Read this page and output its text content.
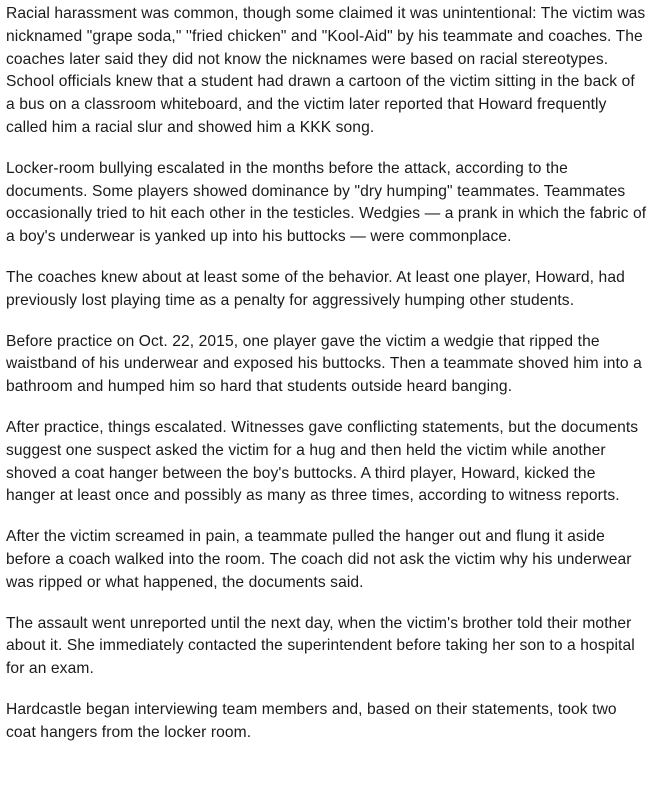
Racial harassment was common, though some claimed it was unintentional: The victim was nicknamed "grape soda," ''fried chicken" and "Kool-Aid" by his teammate and coaches. The coaches later said they did not know the nicknames were based on racial stereotypes. School officials knew that a student had drawn a cartoon of the victim sitting in the back of a bus on a classroom whiteboard, and the victim later reported that Howard frequently called him a racial slur and showed him a KKK song.

Locker-room bullying escalated in the months before the attack, according to the documents. Some players showed dominance by "dry humping" teammates. Teammates occasionally tried to hit each other in the testicles. Wedgies — a prank in which the fabric of a boy's underwear is yanked up into his buttocks — were commonplace.

The coaches knew about at least some of the behavior. At least one player, Howard, had previously lost playing time as a penalty for aggressively humping other students.

Before practice on Oct. 22, 2015, one player gave the victim a wedgie that ripped the waistband of his underwear and exposed his buttocks. Then a teammate shoved him into a bathroom and humped him so hard that students outside heard banging.

After practice, things escalated. Witnesses gave conflicting statements, but the documents suggest one suspect asked the victim for a hug and then held the victim while another shoved a coat hanger between the boy's buttocks. A third player, Howard, kicked the hanger at least once and possibly as many as three times, according to witness reports.

After the victim screamed in pain, a teammate pulled the hanger out and flung it aside before a coach walked into the room. The coach did not ask the victim why his underwear was ripped or what happened, the documents said.

The assault went unreported until the next day, when the victim's brother told their mother about it. She immediately contacted the superintendent before taking her son to a hospital for an exam.

Hardcastle began interviewing team members and, based on their statements, took two coat hangers from the locker room.
